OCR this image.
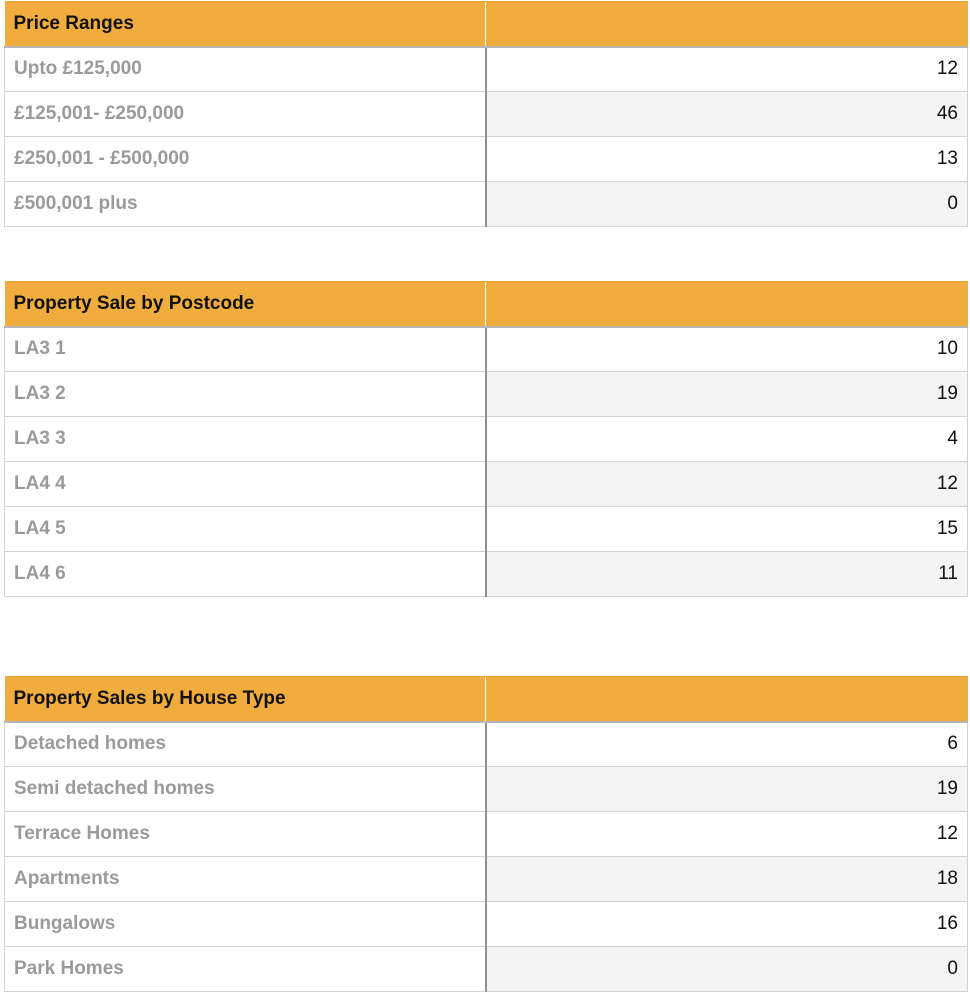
Price Ranges	
Upto £125,000	12
£125,001- £250,000	46
£250,001 - £500,000	13
£500,001 plus	0
Property Sale by Postcode	
LA3 1	10
LA3 2	19
LA3 3	4
LA4 4	12
LA4 5	15
LA4 6	11
Property Sales by House Type	
Detached homes	6
Semi detached homes	19
Terrace Homes	12
Apartments	18
Bungalows	16
Park Homes	0
